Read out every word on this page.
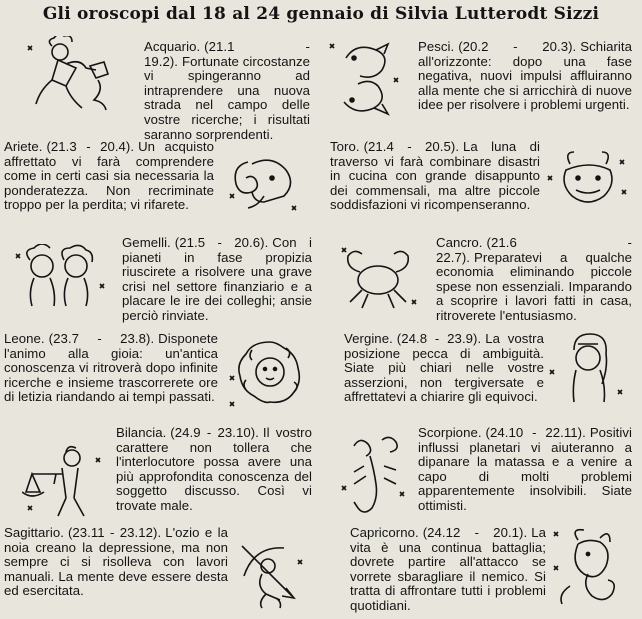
Gli oroscopi dal 18 al 24 gennaio di Silvia Lutterodt Sizzi
Acquario. (21.1 - 19.2). Fortunate circostanze vi spingeranno ad intraprendere una nuova strada nel campo delle vostre ricerche; i risultati saranno sorprendenti.
Ariete. (21.3 - 20.4). Un acquisto affrettato vi farà comprendere come in certi casi sia necessaria la ponderatezza. Non recriminate troppo per la perdita; vi rifarete.
Gemelli. (21.5 - 20.6). Con i pianeti in fase propizia riuscirete a risolvere una grave crisi nel settore finanziario e a placare le ire dei colleghi; ansie perciò rinviate.
Leone. (23.7 - 23.8). Disponete l'animo alla gioia: un'antica conoscenza vi ritroverà dopo infinite ricerche e insieme trascorrerete ore di letizia riandando ai tempi passati.
Bilancia. (24.9 - 23.10). Il vostro carattere non tollera che l'interlocutore possa avere una più approfondita conoscenza del soggetto discusso. Così vi trovate male.
Sagittario. (23.11 - 23.12). L'ozio e la noia creano la depressione, ma non sempre ci si risolleva con lavori manuali. La mente deve essere desta ed esercitata.
Pesci. (20.2 - 20.3). Schiarita all'orizzonte: dopo una fase negativa, nuovi impulsi affluiranno alla mente che si arricchirà di nuove idee per risolvere i problemi urgenti.
Toro. (21.4 - 20.5). La luna di traverso vi farà combinare disastri in cucina con grande disappunto dei commensali, ma altre piccole soddisfazioni vi ricompenseranno.
Cancro. (21.6 - 22.7). Preparatevi a qualche economia eliminando piccole spese non essenziali. Imparando a scoprire i lavori fatti in casa, ritroverete l'entusiasmo.
Vergine. (24.8 - 23.9). La vostra posizione pecca di ambiguità. Siate più chiari nelle vostre asserzioni, non tergiversate e affrettatevi a chiarire gli equivoci.
Scorpione. (24.10 - 22.11). Positivi influssi planetari vi aiuteranno a dipanare la matassa e a venire a capo di molti problemi apparentemente insolvibili. Siate ottimisti.
Capricorno. (24.12 - 20.1). La vita è una continua battaglia; dovrete partire all'attacco se vorrete sbaragliare il nemico. Si tratta di affrontare tutti i problemi quotidiani.
